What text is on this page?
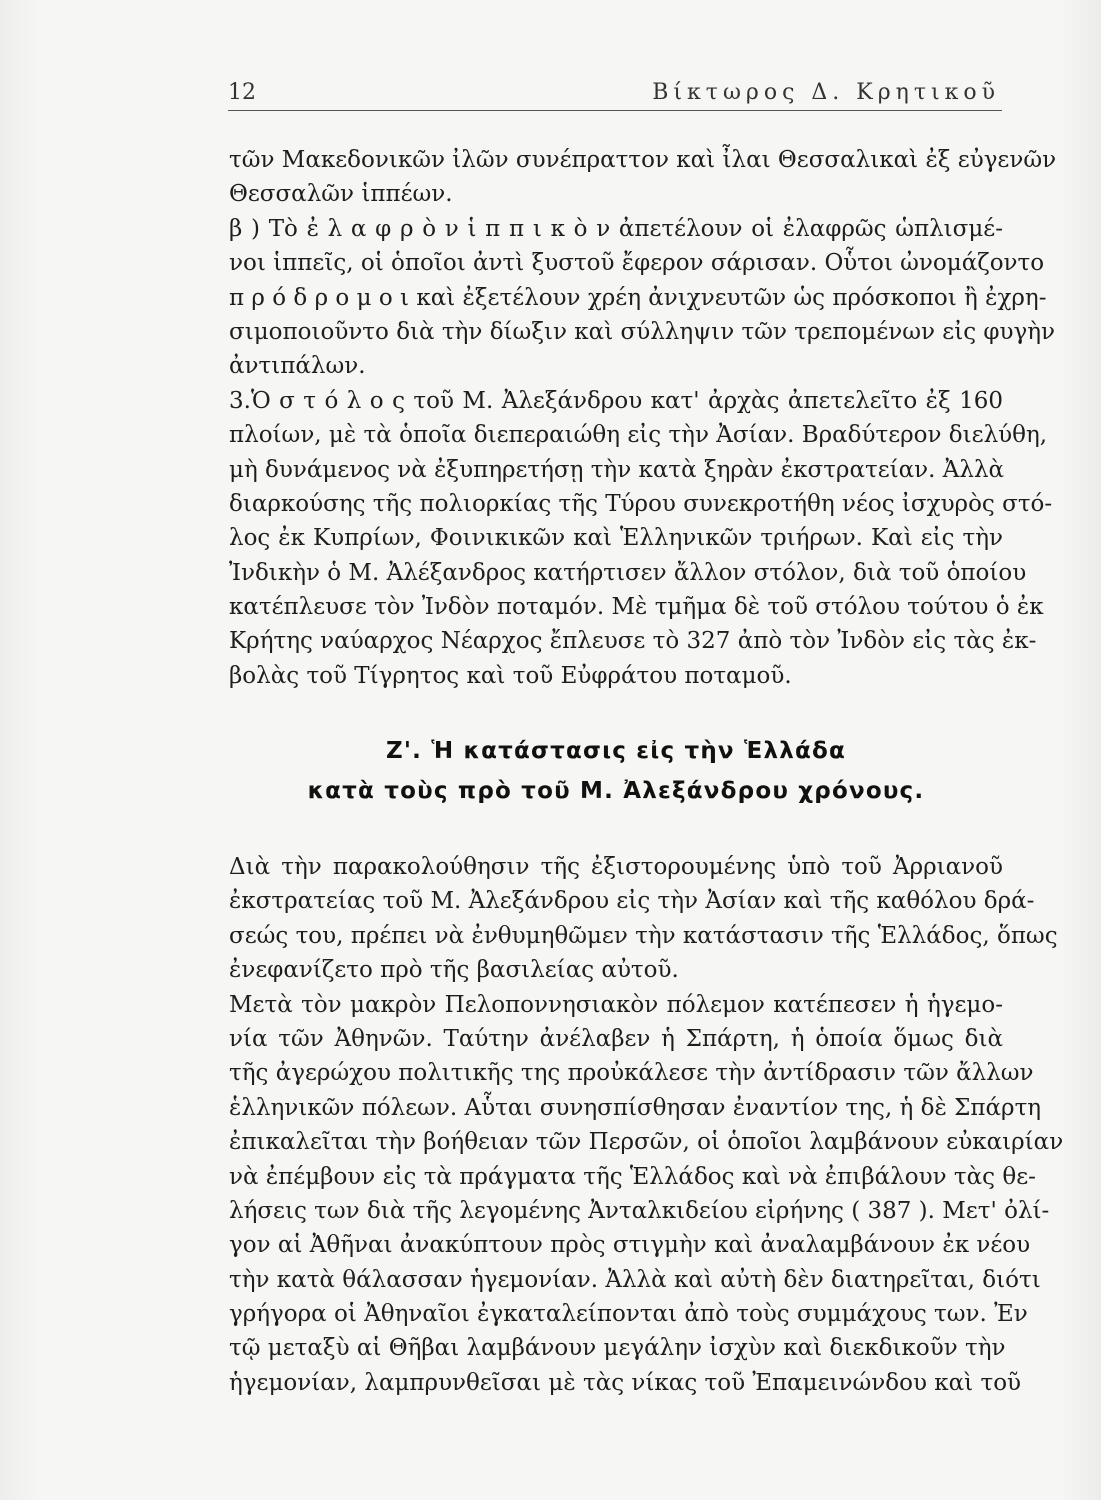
12	Βίκτωρος Δ. Κρητικοῦ
τῶν Μακεδονικῶν ἰλῶν συνέπραττον καὶ ἶλαι Θεσσαλικαὶ ἐξ εὐγενῶν
Θεσσαλῶν ἱππέων.
β ) Τὸ ἐ λ α φ ρ ὸ ν ἱ π π ι κ ὸ ν ἀπετέλουν οἱ ἐλαφρῶς ὡπλισμέ-
νοι ἱππεῖς, οἱ ὁποῖοι ἀντὶ ξυστοῦ ἔφερον σάρισαν. Οὗτοι ὠνομάζοντο
π ρ ό δ ρ ο μ ο ι καὶ ἐξετέλουν χρέη ἀνιχνευτῶν ὡς πρόσκοποι ἢ ἐχρη-
σιμοποιοῦντο διὰ τὴν δίωξιν καὶ σύλληψιν τῶν τρεπομένων εἰς φυγὴν
ἀντιπάλων.
3.Ὁ σ τ ό λ ο ς τοῦ Μ. Ἀλεξάνδρου κατ' ἀρχὰς ἀπετελεῖτο ἐξ 160
πλοίων, μὲ τὰ ὁποῖα διεπεραιώθη εἰς τὴν Ἀσίαν. Βραδύτερον διελύθη,
μὴ δυνάμενος νὰ ἐξυπηρετήσῃ τὴν κατὰ ξηρὰν ἐκστρατείαν. Ἀλλὰ
διαρκούσης τῆς πολιορκίας τῆς Τύρου συνεκροτήθη νέος ἰσχυρὸς στό-
λος ἐκ Κυπρίων, Φοινικικῶν καὶ Ἑλληνικῶν τριήρων. Καὶ εἰς τὴν
Ἰνδικὴν ὁ Μ. Ἀλέξανδρος κατήρτισεν ἄλλον στόλον, διὰ τοῦ ὁποίου
κατέπλευσε τὸν Ἰνδὸν ποταμόν. Μὲ τμῆμα δὲ τοῦ στόλου τούτου ὁ ἐκ
Κρήτης ναύαρχος Νέαρχος ἔπλευσε τὸ 327 ἀπὸ τὸν Ἰνδὸν εἰς τὰς ἐκ-
βολὰς τοῦ Τίγρητος καὶ τοῦ Εὐφράτου ποταμοῦ.
Ζ'. Ἡ κατάστασις εἰς τὴν Ἑλλάδα
κατὰ τοὺς πρὸ τοῦ Μ. Ἀλεξάνδρου χρόνους.
Διὰ τὴν παρακολούθησιν τῆς ἐξιστορουμένης ὑπὸ τοῦ Ἀρριανοῦ
ἐκστρατείας τοῦ Μ. Ἀλεξάνδρου εἰς τὴν Ἀσίαν καὶ τῆς καθόλου δρά-
σεώς του, πρέπει νὰ ἐνθυμηθῶμεν τὴν κατάστασιν τῆς Ἑλλάδος, ὅπως
ἐνεφανίζετο πρὸ τῆς βασιλείας αὐτοῦ.
Μετὰ τὸν μακρὸν Πελοποννησιακὸν πόλεμον κατέπεσεν ἡ ἡγεμο-
νία τῶν Ἀθηνῶν. Ταύτην ἀνέλαβεν ἡ Σπάρτη, ἡ ὁποία ὅμως διὰ
τῆς ἀγερώχου πολιτικῆς της προὐκάλεσε τὴν ἀντίδρασιν τῶν ἄλλων
ἑλληνικῶν πόλεων. Αὗται συνησπίσθησαν ἐναντίον της, ἡ δὲ Σπάρτη
ἐπικαλεῖται τὴν βοήθειαν τῶν Περσῶν, οἱ ὁποῖοι λαμβάνουν εὐκαιρίαν
νὰ ἐπέμβουν εἰς τὰ πράγματα τῆς Ἑλλάδος καὶ νὰ ἐπιβάλουν τὰς θε-
λήσεις των διὰ τῆς λεγομένης Ἀνταλκιδείου εἰρήνης ( 387 ). Μετ' ὀλί-
γον αἱ Ἀθῆναι ἀνακύπτουν πρὸς στιγμὴν καὶ ἀναλαμβάνουν ἐκ νέου
τὴν κατὰ θάλασσαν ἡγεμονίαν. Ἀλλὰ καὶ αὐτὴ δὲν διατηρεῖται, διότι
γρήγορα οἱ Ἀθηναῖοι ἐγκαταλείπονται ἀπὸ τοὺς συμμάχους των. Ἐν
τῷ μεταξὺ αἱ Θῆβαι λαμβάνουν μεγάλην ἰσχὺν καὶ διεκδικοῦν τὴν
ἡγεμονίαν, λαμπρυνθεῖσαι μὲ τὰς νίκας τοῦ Ἐπαμεινώνδου καὶ τοῦ
